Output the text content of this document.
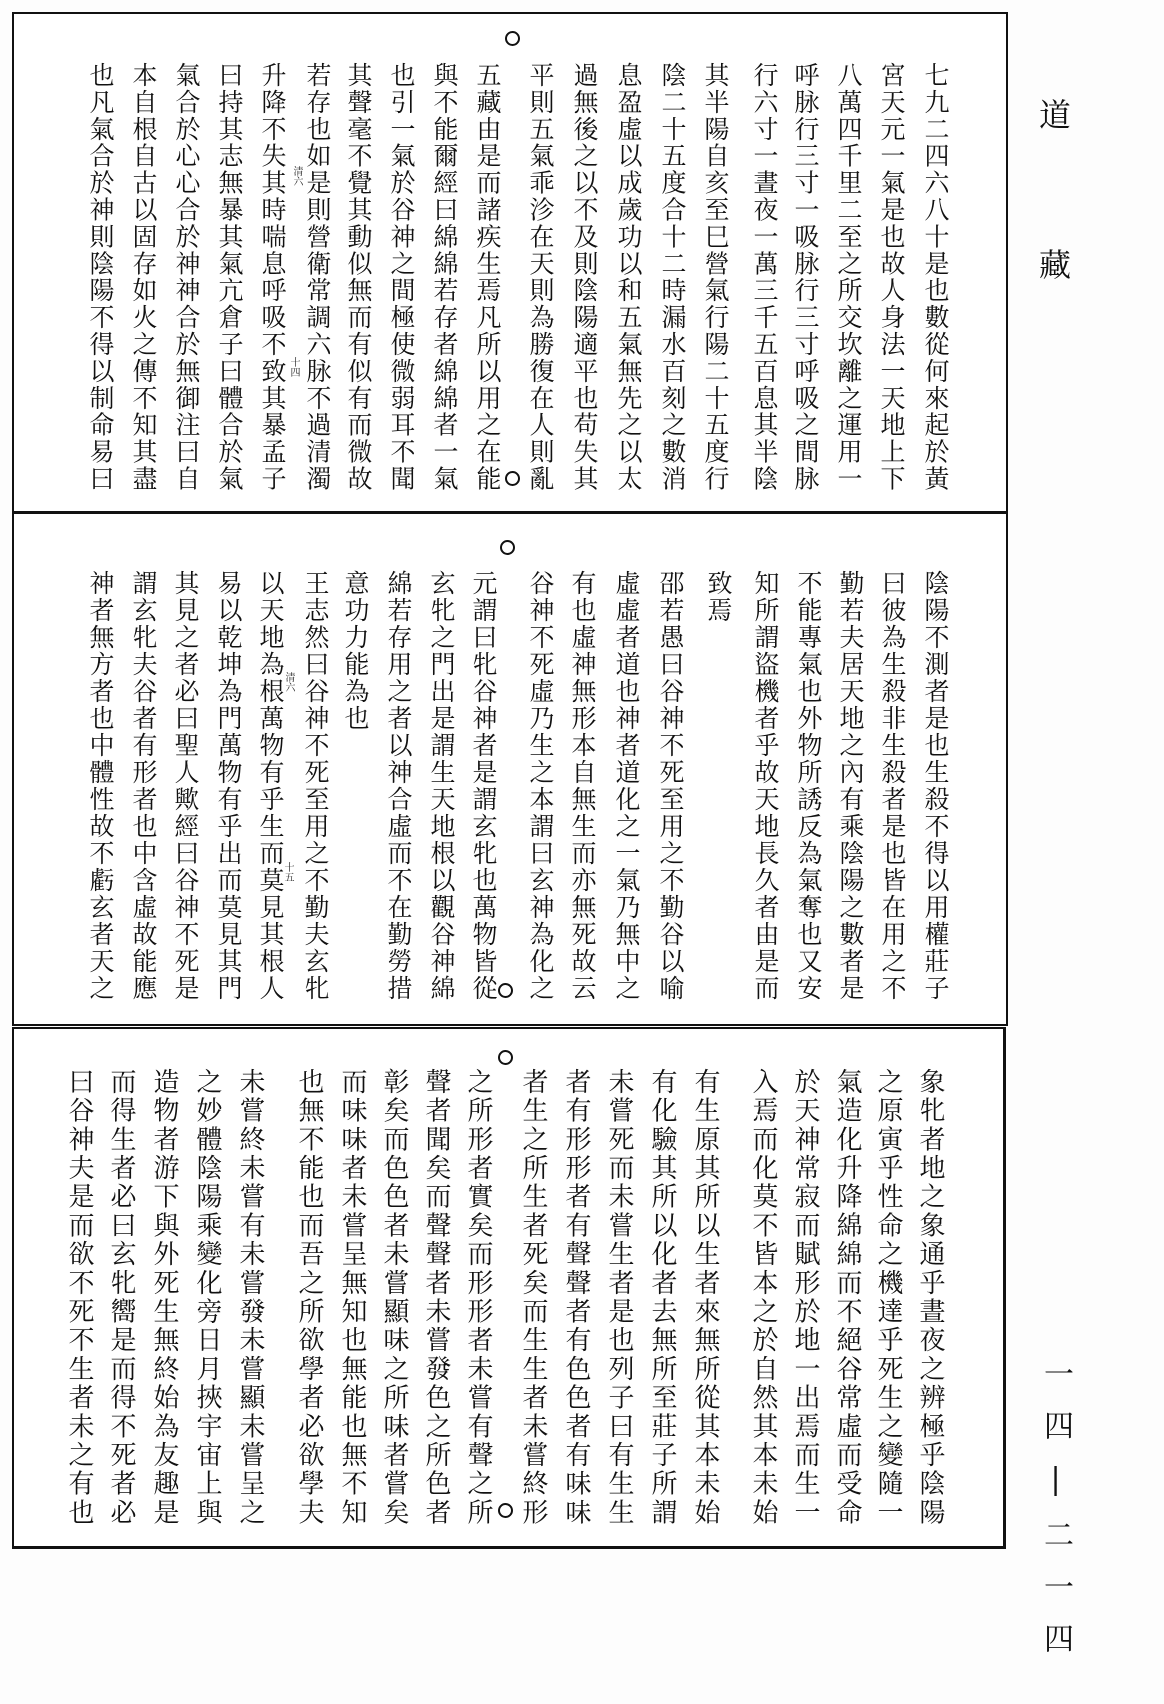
七九二四六八十是也數從何來起於黃
宮天元一氣是也故人身法一天地上下
八萬四千里二至之所交坎離之運用一
呼脉行三寸一吸脉行三寸呼吸之間脉
行六寸一晝夜一萬三千五百息其半陰
其半陽自亥至巳營氣行陽二十五度行
陰二十五度合十二時漏水百刻之數消
息盈虛以成歲功以和五氣無先之以太
過無後之以不及則陰陽適平也苟失其
平則五氣乖沴在天則為勝復在人則亂
五藏由是而諸疾生焉凡所以用之在能
與不能爾經曰綿綿若存者綿綿者一氣
也引一氣於谷神之間極使微弱耳不聞
其聲毫不覺其動似無而有似有而微故
若存也如是則營衛常調六脉不過清濁
升降不失其時喘息呼吸不致其暴孟子
曰持其志無暴其氣亢倉子曰體合於氣
氣合於心心合於神神合於無御注曰自
本自根自古以固存如火之傳不知其盡
也凡氣合於神則陰陽不得以制命易曰	清六
十四
陰陽不測者是也生殺不得以用權莊子
曰彼為生殺非生殺者是也皆在用之不
勤若夫居天地之內有乘陰陽之數者是
不能專氣也外物所誘反為氣奪也又安
知所謂盜機者乎故天地長久者由是而
致焉
邵若愚曰谷神不死至用之不勤谷以喻
虛虛者道也神者道化之一氣乃無中之
有也虛神無形本自無生而亦無死故云
谷神不死虛乃生之本謂曰玄神為化之
元謂曰牝谷神者是謂玄牝也萬物皆從
玄牝之門出是謂生天地根以觀谷神綿
綿若存用之者以神合虛而不在勤勞措
意功力能為也
王志然曰谷神不死至用之不勤夫玄牝
以天地為根萬物有乎生而莫見其根人
易以乾坤為門萬物有乎出而莫見其門
其見之者必曰聖人歟經曰谷神不死是
謂玄牝夫谷者有形者也中含虛故能應
神者無方者也中體性故不虧玄者天之	清六
十五
象牝者地之象通乎晝夜之辨極乎陰陽
之原寅乎性命之機達乎死生之變隨一
氣造化升降綿綿而不絕谷常虛而受命
於天神常寂而賦形於地一出焉而生一
入焉而化莫不皆本之於自然其本未始
有生原其所以生者來無所從其本未始
有化驗其所以化者去無所至莊子所謂
未嘗死而未嘗生者是也列子曰有生生
者有形形者有聲聲者有色色者有味味
者生之所生者死矣而生生者未嘗終形
之所形者實矣而形形者未嘗有聲之所
聲者聞矣而聲聲者未嘗發色之所色者
彰矣而色色者未嘗顯味之所味者嘗矣
而味味者未嘗呈無知也無能也無不知
也無不能也而吾之所欲學者必欲學夫
未嘗終未嘗有未嘗發未嘗顯未嘗呈之
之妙體陰陽乘變化旁日月挾宇宙上與
造物者游下與外死生無終始為友趣是
而得生者必曰玄牝嚮是而得不死者必
曰谷神夫是而欲不死不生者未之有也
道
藏
一四|二一四
